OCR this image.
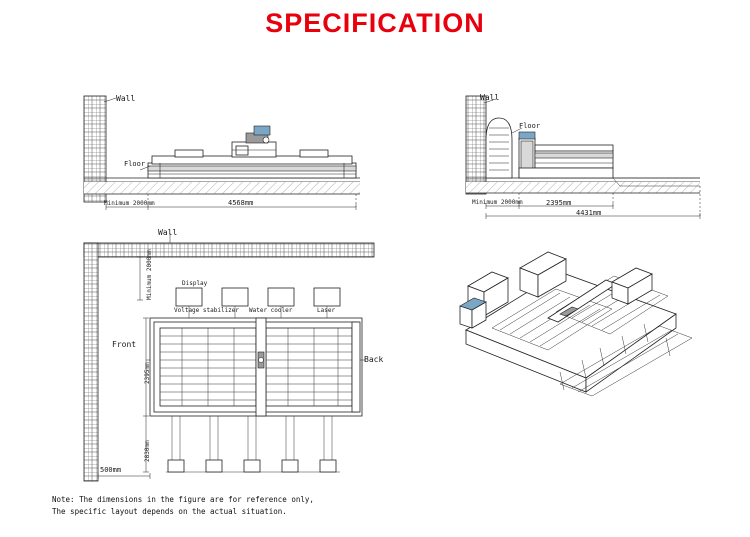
SPECIFICATION
Wall
Floor
Minimum 2000mm	4568mm
Wall
Floor
Minimum 2000mm	2395mm
4431mm
Wall
Minimum 2000mm	Display
Voltage stabilizer Water cooler	Laser
2395mm
2830mm
500mm
Front
Back
Note: The dimensions in the figure are for reference only,
The specific layout depends on the actual situation.
